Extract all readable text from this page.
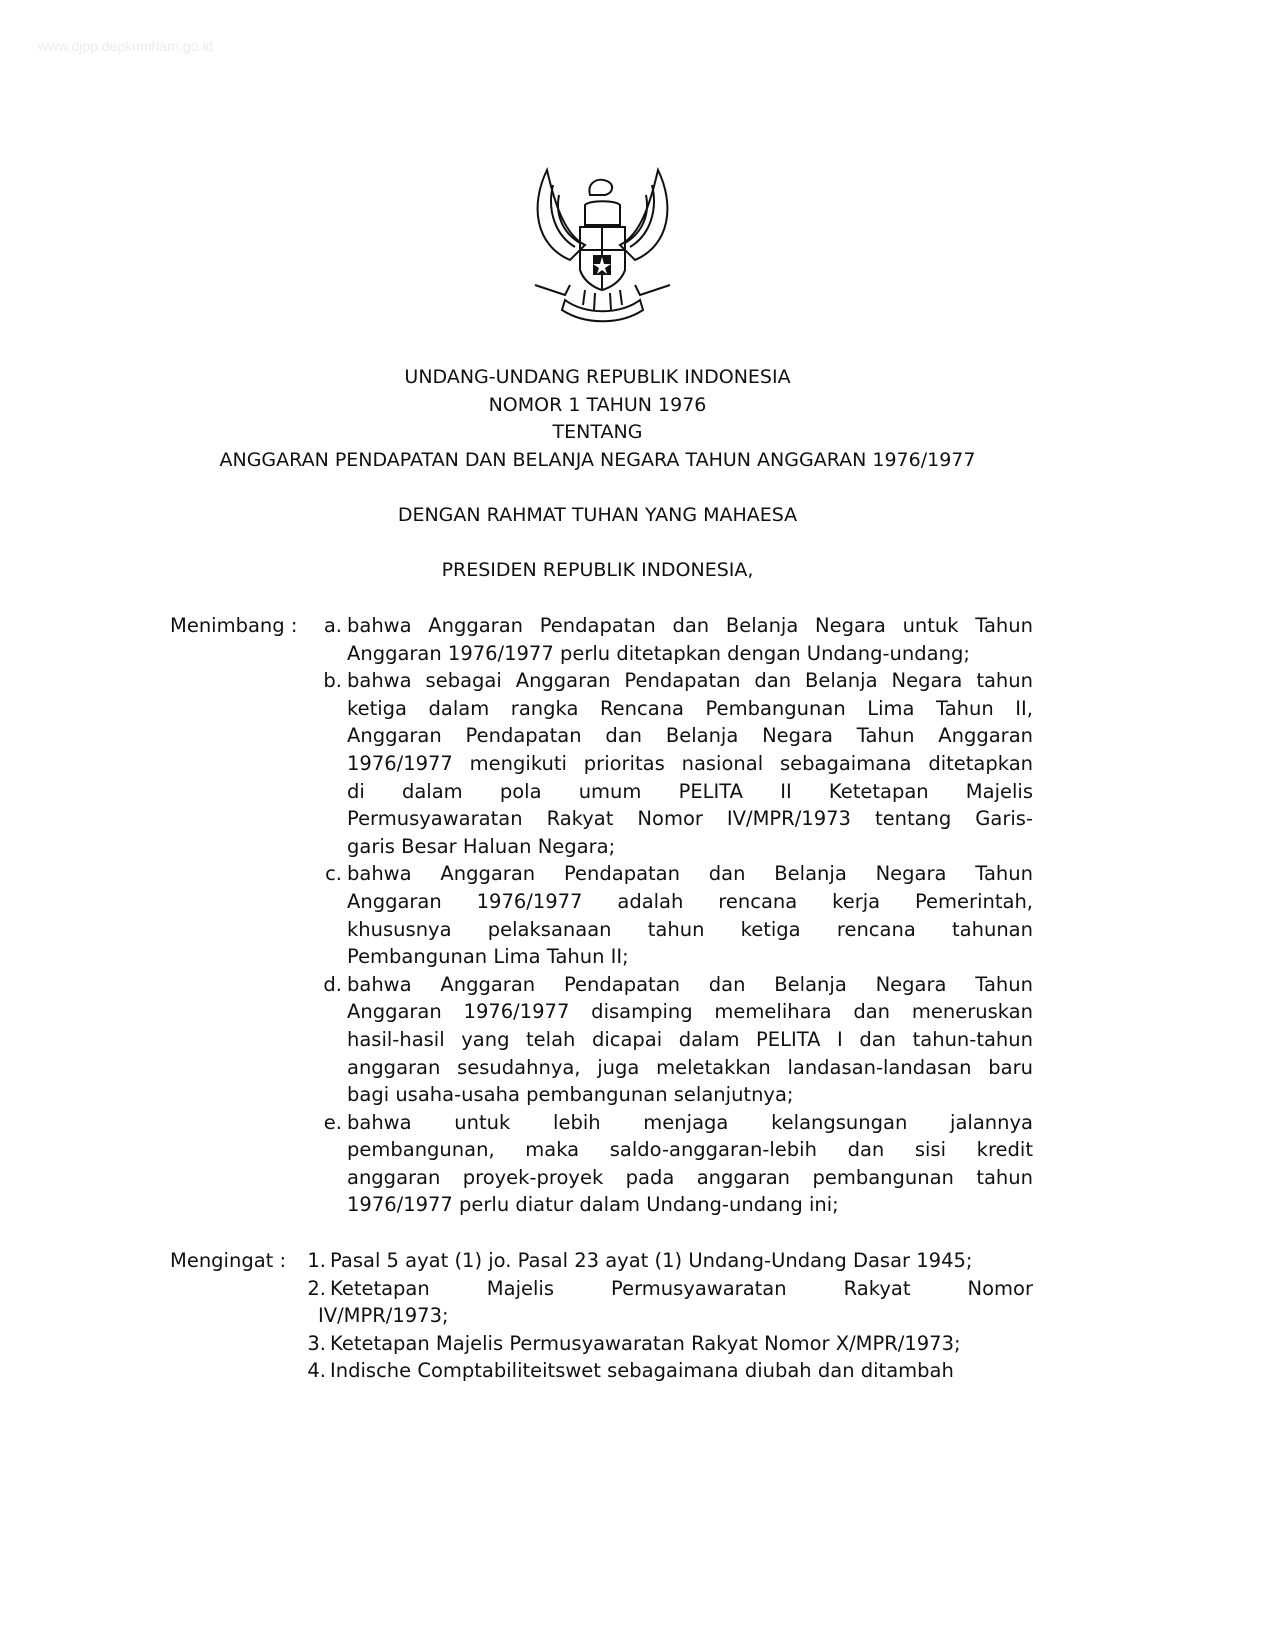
www.djpp.depkumham.go.id
UNDANG-UNDANG REPUBLIK INDONESIA
NOMOR 1 TAHUN 1976
TENTANG
ANGGARAN PENDAPATAN DAN BELANJA NEGARA TAHUN ANGGARAN 1976/1977
DENGAN RAHMAT TUHAN YANG MAHAESA
PRESIDEN REPUBLIK INDONESIA,
Menimbang :	a. bahwa Anggaran Pendapatan dan Belanja Negara untuk Tahun
Anggaran 1976/1977 perlu ditetapkan dengan Undang-undang;
b. bahwa sebagai Anggaran Pendapatan dan Belanja Negara tahun
ketiga dalam rangka Rencana Pembangunan Lima Tahun II,
Anggaran Pendapatan dan Belanja Negara Tahun Anggaran
1976/1977 mengikuti prioritas nasional sebagaimana ditetapkan
di dalam pola umum PELITA II Ketetapan Majelis
Permusyawaratan Rakyat Nomor IV/MPR/1973 tentang Garis-
garis Besar Haluan Negara;
c. bahwa Anggaran Pendapatan dan Belanja Negara Tahun
Anggaran 1976/1977 adalah rencana kerja Pemerintah,
khususnya pelaksanaan tahun ketiga rencana tahunan
Pembangunan Lima Tahun II;
d. bahwa Anggaran Pendapatan dan Belanja Negara Tahun
Anggaran 1976/1977 disamping memelihara dan meneruskan
hasil-hasil yang telah dicapai dalam PELITA I dan tahun-tahun
anggaran sesudahnya, juga meletakkan landasan-landasan baru
bagi usaha-usaha pembangunan selanjutnya;
e. bahwa untuk lebih menjaga kelangsungan jalannya
pembangunan, maka saldo-anggaran-lebih dan sisi kredit
anggaran proyek-proyek pada anggaran pembangunan tahun
1976/1977 perlu diatur dalam Undang-undang ini;
Mengingat :	1. Pasal 5 ayat (1) jo. Pasal 23 ayat (1) Undang-Undang Dasar 1945;
2. Ketetapan Majelis Permusyawaratan Rakyat Nomor
IV/MPR/1973;
3. Ketetapan Majelis Permusyawaratan Rakyat Nomor X/MPR/1973;
4. Indische Comptabiliteitswet sebagaimana diubah dan ditambah
